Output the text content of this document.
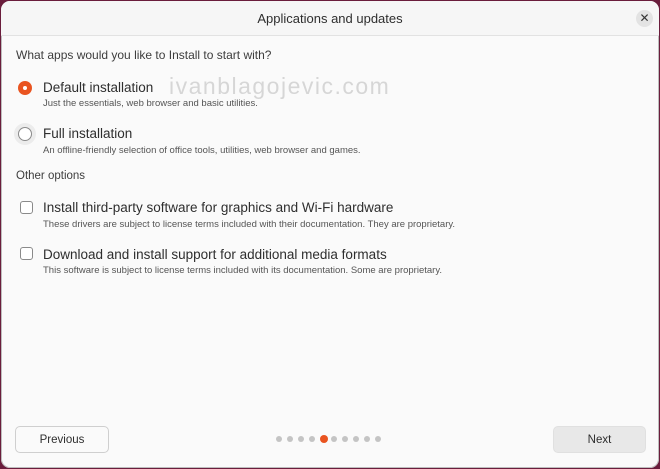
Applications and updates	✕
What apps would you like to Install to start with?
Default installation
Just the essentials, web browser and basic utilities.
ivanblagojevic.com
Full installation
An offline-friendly selection of office tools, utilities, web browser and games.
Other options
Install third-party software for graphics and Wi-Fi hardware
These drivers are subject to license terms included with their documentation. They are proprietary.
Download and install support for additional media formats
This software is subject to license terms included with its documentation. Some are proprietary.
Previous	Next
